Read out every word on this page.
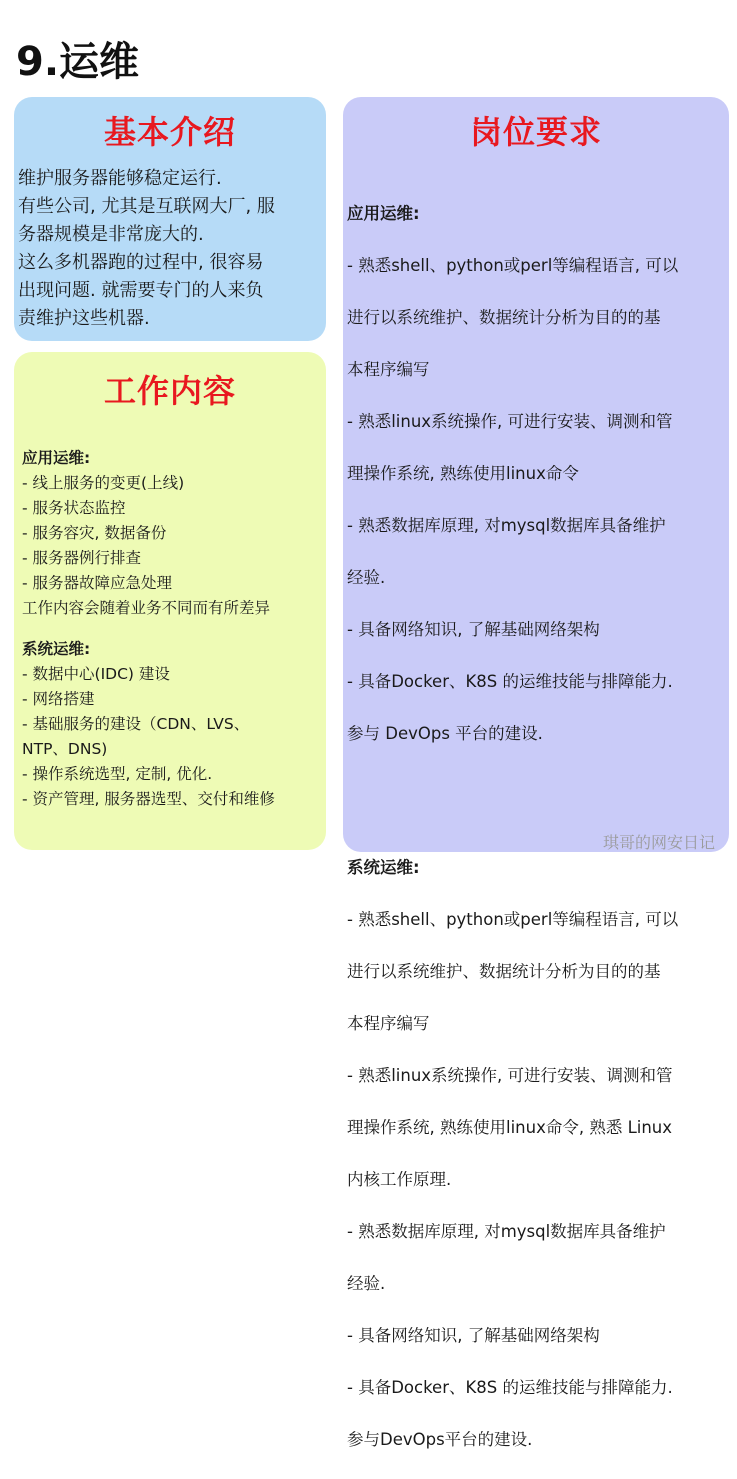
9.运维
基本介绍
维护服务器能够稳定运行.
有些公司, 尤其是互联网大厂, 服
务器规模是非常庞大的.
这么多机器跑的过程中, 很容易
出现问题. 就需要专门的人来负
责维护这些机器.
工作内容
应用运维:
- 线上服务的变更(上线)
- 服务状态监控
- 服务容灾, 数据备份
- 服务器例行排查
- 服务器故障应急处理
工作内容会随着业务不同而有所差异
系统运维:
- 数据中心(IDC) 建设
- 网络搭建
- 基础服务的建设（CDN、LVS、
NTP、DNS)
- 操作系统选型, 定制, 优化.
- 资产管理, 服务器选型、交付和维修
岗位要求

应用运维:

- 熟悉shell、python或perl等编程语言, 可以

进行以系统维护、数据统计分析为目的的基

本程序编写

- 熟悉linux系统操作, 可进行安装、调测和管

理操作系统, 熟练使用linux命令

- 熟悉数据库原理, 对mysql数据库具备维护

经验.

- 具备网络知识, 了解基础网络架构

- 具备Docker、K8S 的运维技能与排障能力.

参与 DevOps 平台的建设.

系统运维:

- 熟悉shell、python或perl等编程语言, 可以

进行以系统维护、数据统计分析为目的的基

本程序编写

- 熟悉linux系统操作, 可进行安装、调测和管

理操作系统, 熟练使用linux命令, 熟悉 Linux

内核工作原理.

- 熟悉数据库原理, 对mysql数据库具备维护

经验.

- 具备网络知识, 了解基础网络架构

- 具备Docker、K8S 的运维技能与排障能力.

参与DevOps平台的建设.

琪哥的网安日记
